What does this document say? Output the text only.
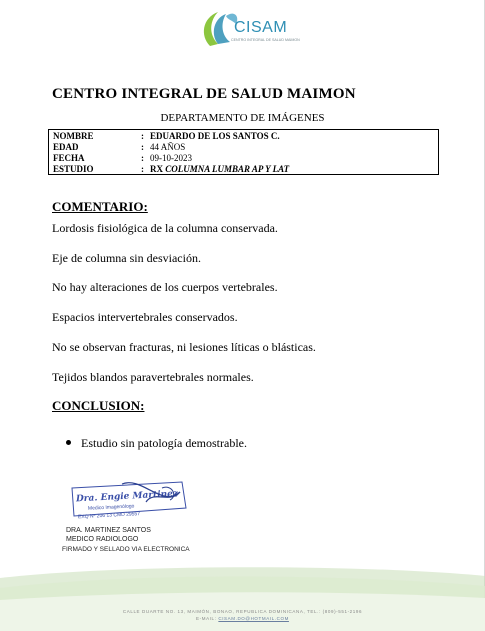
CISAM
CENTRO INTEGRAL DE SALUD MAIMON
CENTRO INTEGRAL DE SALUD MAIMON
DEPARTAMENTO DE IMÁGENES
NOMBRE	: EDUARDO DE LOS SANTOS C.
EDAD	: 44 AÑOS
FECHA	: 09-10-2023
ESTUDIO	: RX COLUMNA LUMBAR AP Y LAT
COMENTARIO:
Lordosis fisiológica de la columna conservada.
Eje de columna sin desviación.
No hay alteraciones de los cuerpos vertebrales.
Espacios intervertebrales conservados.
No se observan fracturas, ni lesiones líticas o blásticas.
Tejidos blandos paravertebrales normales.
CONCLUSION:
Estudio sin patología demostrable.
Dra. Engie Martinez
Medico Imagenólogo
EXQ Nº 206 13 CMD 29557
DRA. MARTINEZ SANTOS
MEDICO RADIOLOGO
FIRMADO Y SELLADO VIA ELECTRONICA
CALLE DUARTE NO. 13, MAIMÓN, BONAO, REPUBLICA DOMINICANA, TEL.: (809)-551-2196
E-MAIL: CISAM.DO@HOTMAIL.COM
